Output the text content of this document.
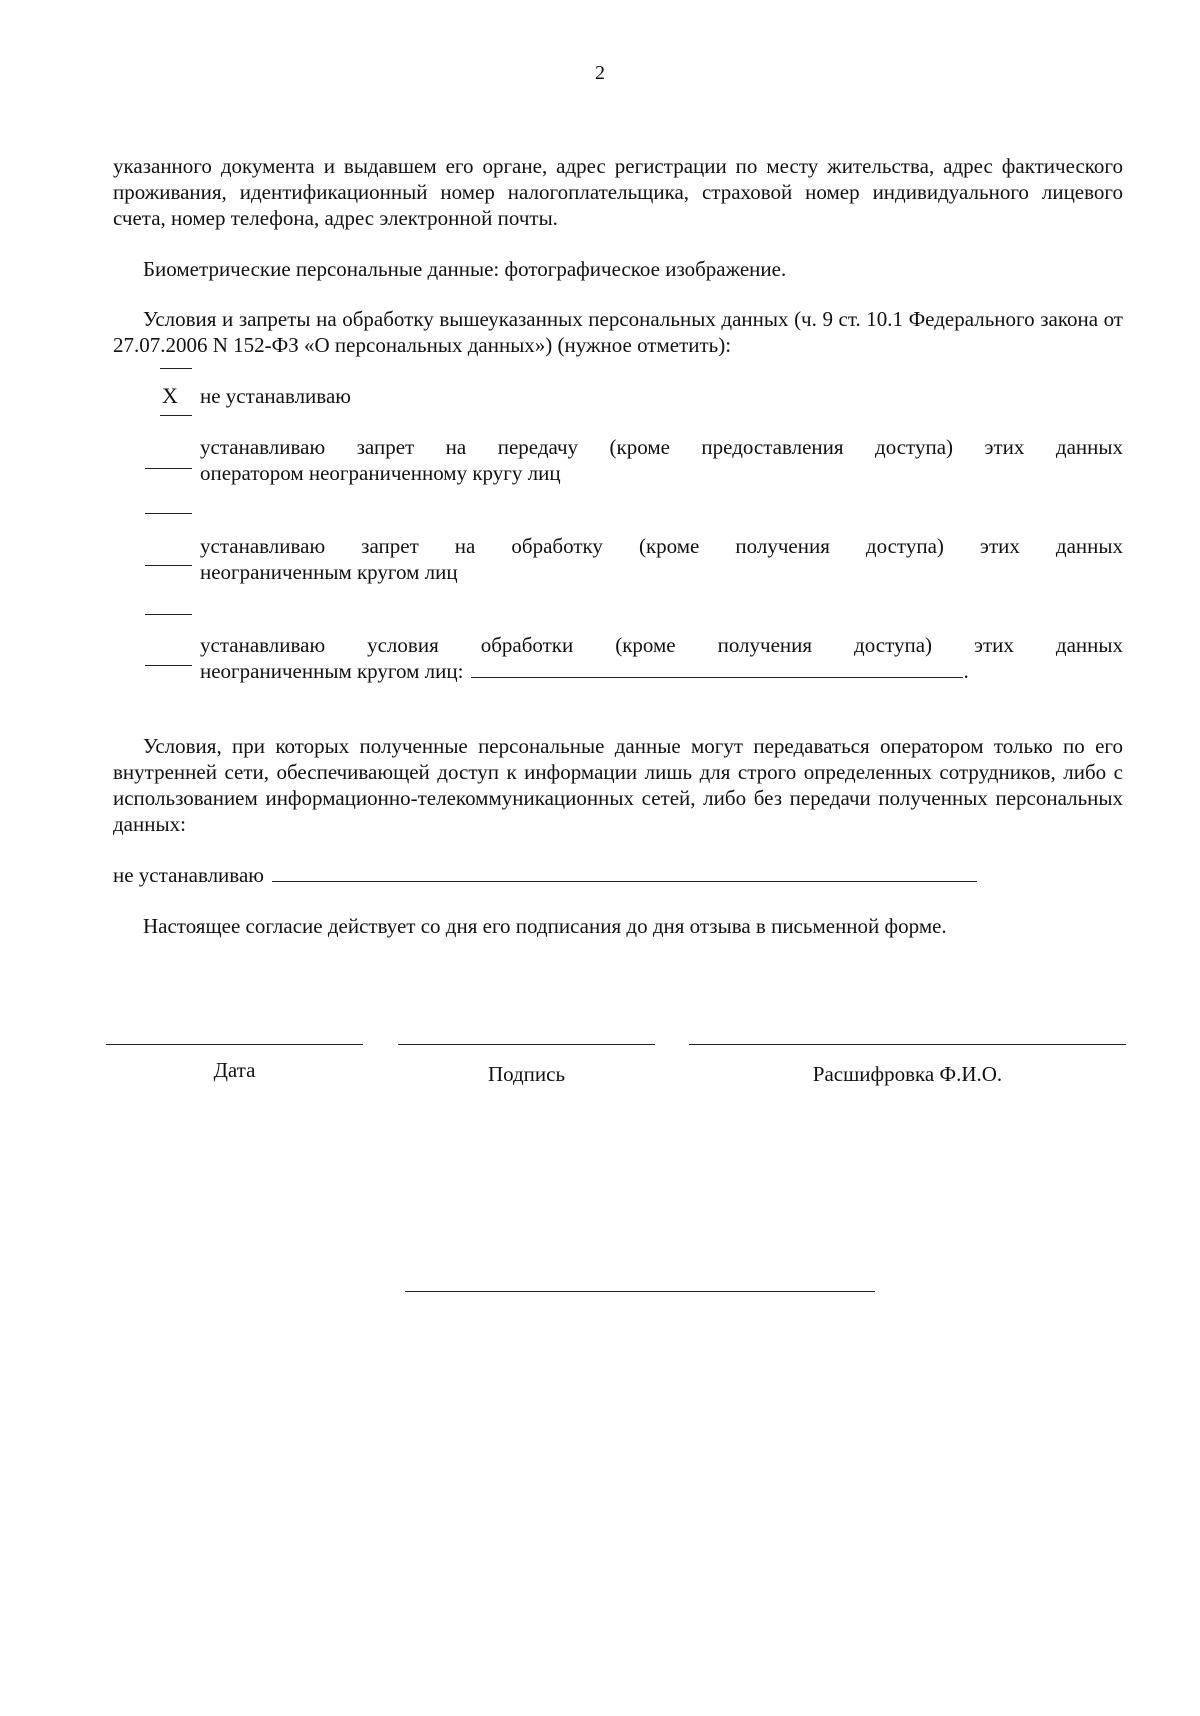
2
указанного документа и выдавшем его органе, адрес регистрации по месту жительства, адрес фактического проживания, идентификационный номер налогоплательщика, страховой номер индивидуального лицевого счета, номер телефона, адрес электронной почты.
Биометрические персональные данные: фотографическое изображение.
Условия и запреты на обработку вышеуказанных персональных данных (ч. 9 ст. 10.1 Федерального закона от 27.07.2006 N 152-ФЗ «О персональных данных») (нужное отметить):
X не устанавливаю
устанавливаю запрет на передачу (кроме предоставления доступа) этих данных
оператором неограниченному кругу лиц
устанавливаю запрет на обработку (кроме получения доступа) этих данных
неограниченным кругом лиц
устанавливаю условия обработки (кроме получения доступа) этих данных
неограниченным кругом лиц:	.
Условия, при которых полученные персональные данные могут передаваться оператором только по его внутренней сети, обеспечивающей доступ к информации лишь для строго определенных сотрудников, либо с использованием информационно-телекоммуникационных сетей, либо без передачи полученных персональных данных:
не устанавливаю
Настоящее согласие действует со дня его подписания до дня отзыва в письменной форме.
Дата	Подпись	Расшифровка Ф.И.О.
